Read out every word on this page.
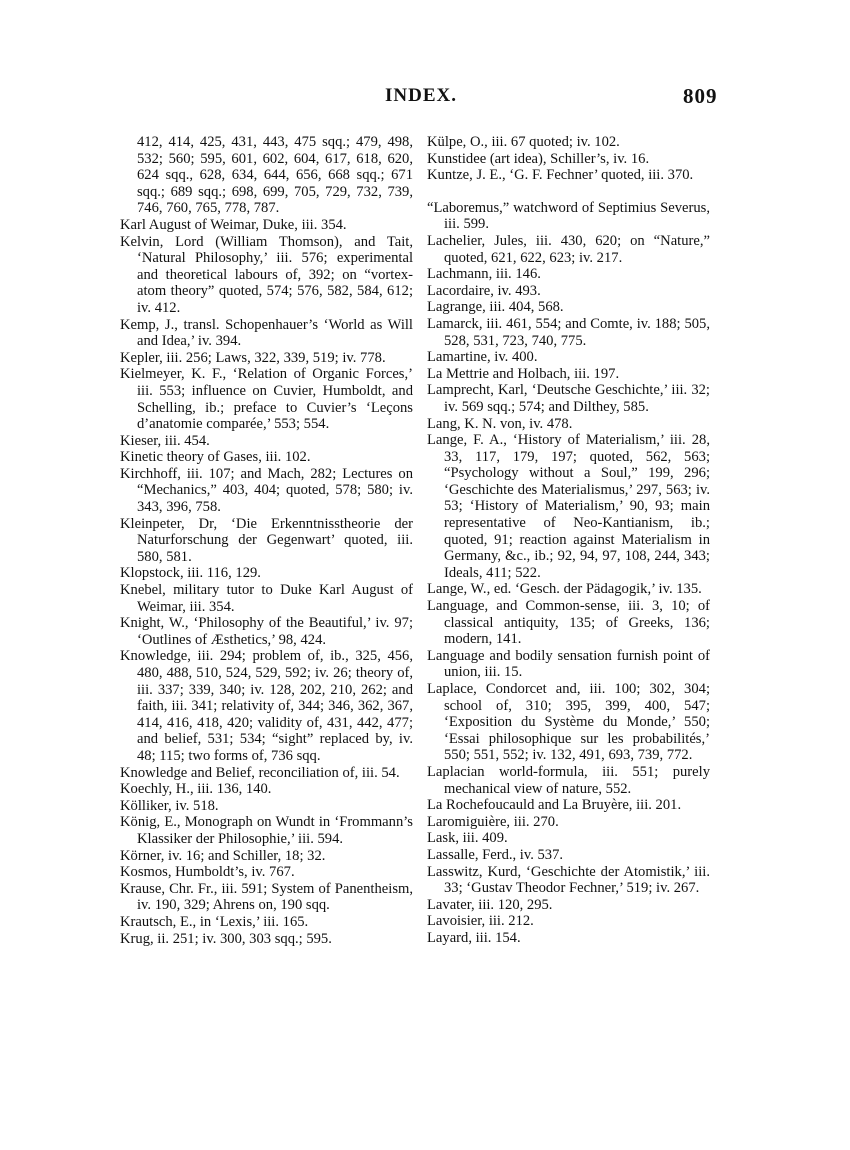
INDEX.	809

412, 414, 425, 431, 443, 475 sqq.; 479, 498, 532; 560; 595, 601, 602, 604, 617, 618, 620, 624 sqq., 628, 634, 644, 656, 668 sqq.; 671 sqq.; 689 sqq.; 698, 699, 705, 729, 732, 739, 746, 760, 765, 778, 787.

Karl August of Weimar, Duke, iii. 354.

Kelvin, Lord (William Thomson), and Tait, ‘Natural Philosophy,’ iii. 576; experimental and theoretical labours of, 392; on “vortex-atom theory” quoted, 574; 576, 582, 584, 612; iv. 412.

Kemp, J., transl. Schopenhauer’s ‘World as Will and Idea,’ iv. 394.

Kepler, iii. 256; Laws, 322, 339, 519; iv. 778.

Kielmeyer, K. F., ‘Relation of Organic Forces,’ iii. 553; influence on Cuvier, Humboldt, and Schelling, ib.; preface to Cuvier’s ‘Leçons d’anatomie comparée,’ 553; 554.

Kieser, iii. 454.

Kinetic theory of Gases, iii. 102.

Kirchhoff, iii. 107; and Mach, 282; Lectures on “Mechanics,” 403, 404; quoted, 578; 580; iv. 343, 396, 758.

Kleinpeter, Dr, ‘Die Erkenntnisstheorie der Naturforschung der Gegenwart’ quoted, iii. 580, 581.

Klopstock, iii. 116, 129.

Knebel, military tutor to Duke Karl August of Weimar, iii. 354.

Knight, W., ‘Philosophy of the Beautiful,’ iv. 97; ‘Outlines of Æsthetics,’ 98, 424.

Knowledge, iii. 294; problem of, ib., 325, 456, 480, 488, 510, 524, 529, 592; iv. 26; theory of, iii. 337; 339, 340; iv. 128, 202, 210, 262; and faith, iii. 341; relativity of, 344; 346, 362, 367, 414, 416, 418, 420; validity of, 431, 442, 477; and belief, 531; 534; “sight” replaced by, iv. 48; 115; two forms of, 736 sqq.

Knowledge and Belief, reconciliation of, iii. 54.

Koechly, H., iii. 136, 140.

Kölliker, iv. 518.

König, E., Monograph on Wundt in ‘Frommann’s Klassiker der Philosophie,’ iii. 594.

Körner, iv. 16; and Schiller, 18; 32.

Kosmos, Humboldt’s, iv. 767.

Krause, Chr. Fr., iii. 591; System of Panentheism, iv. 190, 329; Ahrens on, 190 sqq.

Krautsch, E., in ‘Lexis,’ iii. 165.

Krug, ii. 251; iv. 300, 303 sqq.; 595.

Külpe, O., iii. 67 quoted; iv. 102.

Kunstidee (art idea), Schiller’s, iv. 16.

Kuntze, J. E., ‘G. F. Fechner’ quoted, iii. 370.

“Laboremus,” watchword of Septimius Severus, iii. 599.

Lachelier, Jules, iii. 430, 620; on “Nature,” quoted, 621, 622, 623; iv. 217.

Lachmann, iii. 146.

Lacordaire, iv. 493.

Lagrange, iii. 404, 568.

Lamarck, iii. 461, 554; and Comte, iv. 188; 505, 528, 531, 723, 740, 775.

Lamartine, iv. 400.

La Mettrie and Holbach, iii. 197.

Lamprecht, Karl, ‘Deutsche Geschichte,’ iii. 32; iv. 569 sqq.; 574; and Dilthey, 585.

Lang, K. N. von, iv. 478.

Lange, F. A., ‘History of Materialism,’ iii. 28, 33, 117, 179, 197; quoted, 562, 563; “Psychology without a Soul,” 199, 296; ‘Geschichte des Materialismus,’ 297, 563; iv. 53; ‘History of Materialism,’ 90, 93; main representative of Neo-Kantianism, ib.; quoted, 91; reaction against Materialism in Germany, &c., ib.; 92, 94, 97, 108, 244, 343; Ideals, 411; 522.

Lange, W., ed. ‘Gesch. der Pädagogik,’ iv. 135.

Language, and Common-sense, iii. 3, 10; of classical antiquity, 135; of Greeks, 136; modern, 141.

Language and bodily sensation furnish point of union, iii. 15.

Laplace, Condorcet and, iii. 100; 302, 304; school of, 310; 395, 399, 400, 547; ‘Exposition du Système du Monde,’ 550; ‘Essai philosophique sur les probabilités,’ 550; 551, 552; iv. 132, 491, 693, 739, 772.

Laplacian world-formula, iii. 551; purely mechanical view of nature, 552.

La Rochefoucauld and La Bruyère, iii. 201.

Laromiguière, iii. 270.

Lask, iii. 409.

Lassalle, Ferd., iv. 537.

Lasswitz, Kurd, ‘Geschichte der Atomistik,’ iii. 33; ‘Gustav Theodor Fechner,’ 519; iv. 267.

Lavater, iii. 120, 295.

Lavoisier, iii. 212.

Layard, iii. 154.
